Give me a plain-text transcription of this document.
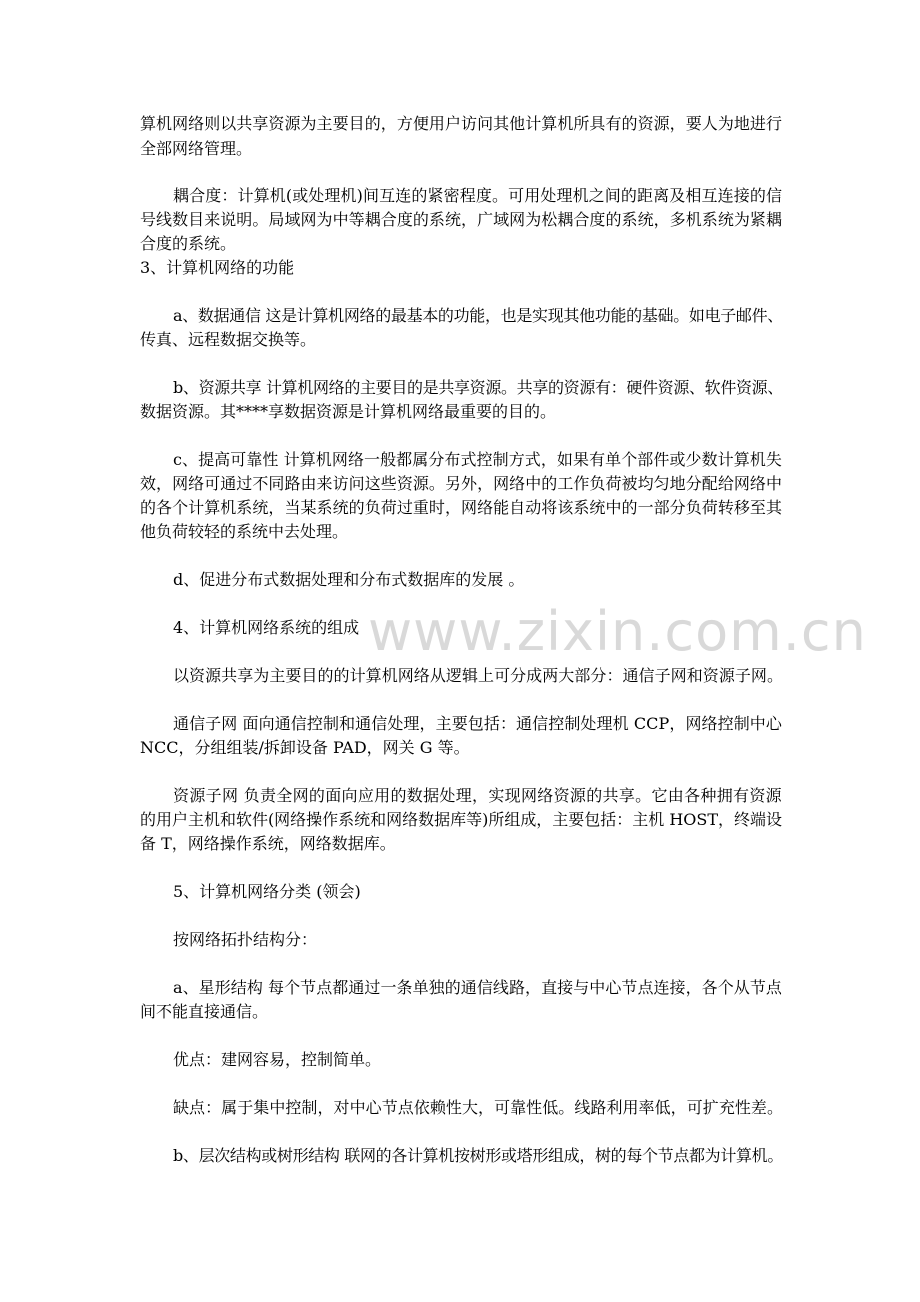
www.zixin.com.cn
算机网络则以共享资源为主要目的，方便用户访问其他计算机所具有的资源，要人为地进行
全部网络管理。
耦合度：计算机(或处理机)间互连的紧密程度。可用处理机之间的距离及相互连接的信
号线数目来说明。局域网为中等耦合度的系统，广域网为松耦合度的系统，多机系统为紧耦
合度的系统。
3、计算机网络的功能
a、数据通信 这是计算机网络的最基本的功能，也是实现其他功能的基础。如电子邮件、
传真、远程数据交换等。
b、资源共享 计算机网络的主要目的是共享资源。共享的资源有：硬件资源、软件资源、
数据资源。其****享数据资源是计算机网络最重要的目的。
c、提高可靠性 计算机网络一般都属分布式控制方式，如果有单个部件或少数计算机失
效，网络可通过不同路由来访问这些资源。另外，网络中的工作负荷被均匀地分配给网络中
的各个计算机系统，当某系统的负荷过重时，网络能自动将该系统中的一部分负荷转移至其
他负荷较轻的系统中去处理。
d、促进分布式数据处理和分布式数据库的发展 。
4、计算机网络系统的组成
以资源共享为主要目的的计算机网络从逻辑上可分成两大部分：通信子网和资源子网。
通信子网 面向通信控制和通信处理，主要包括：通信控制处理机 CCP，网络控制中心
NCC，分组组装/拆卸设备 PAD，网关 G 等。
资源子网 负责全网的面向应用的数据处理，实现网络资源的共享。它由各种拥有资源
的用户主机和软件(网络操作系统和网络数据库等)所组成，主要包括：主机 HOST，终端设
备 T，网络操作系统，网络数据库。
5、计算机网络分类 (领会)
按网络拓扑结构分：
a、星形结构 每个节点都通过一条单独的通信线路，直接与中心节点连接，各个从节点
间不能直接通信。
优点：建网容易，控制简单。
缺点：属于集中控制，对中心节点依赖性大，可靠性低。线路利用率低，可扩充性差。
b、层次结构或树形结构 联网的各计算机按树形或塔形组成，树的每个节点都为计算机。
